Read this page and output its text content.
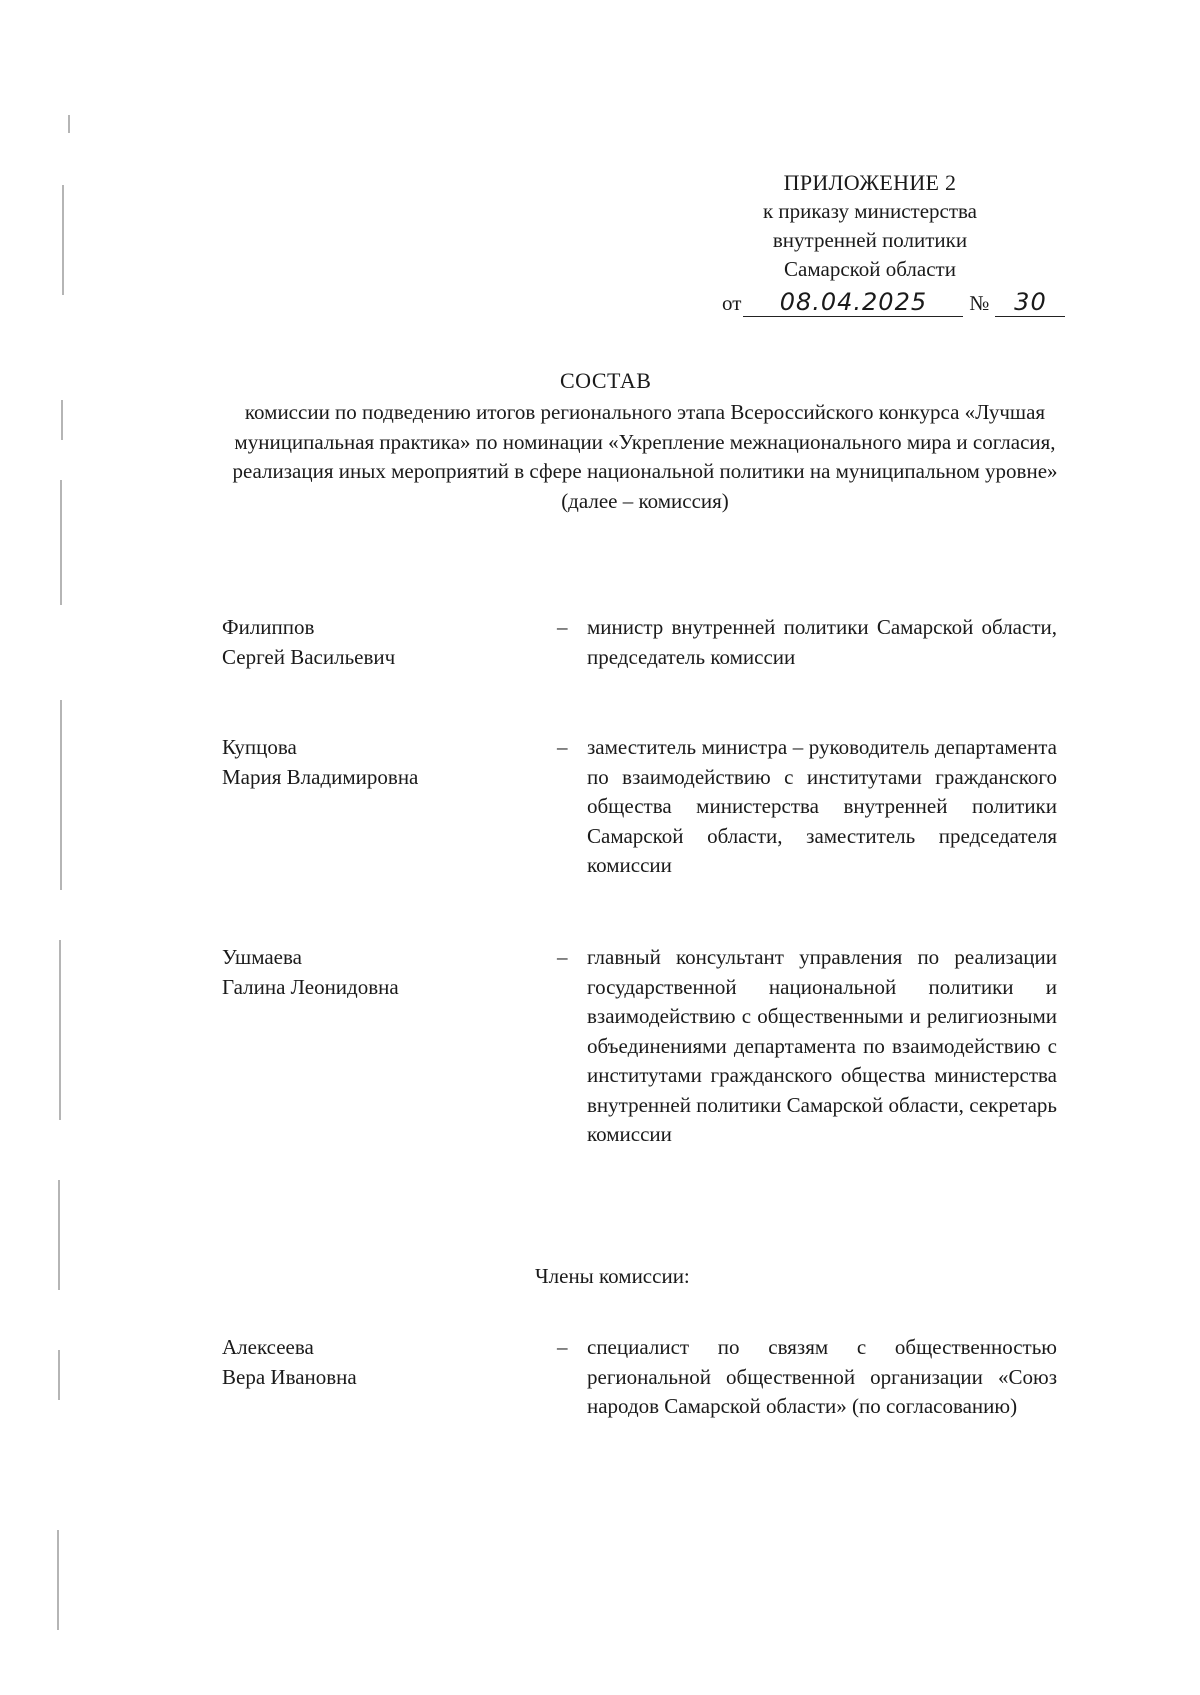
ПРИЛОЖЕНИЕ 2
к приказу министерства
внутренней политики
Самарской области
от 08.04.2025 № 30
СОСТАВ
комиссии по подведению итогов регионального этапа Всероссийского конкурса «Лучшая муниципальная практика» по номинации «Укрепление межнационального мира и согласия, реализация иных мероприятий в сфере национальной политики на муниципальном уровне» (далее – комиссия)
Филиппов
Сергей Васильевич
– министр внутренней политики Самарской области, председатель комиссии
Купцова
Мария Владимировна
– заместитель министра – руководитель департамента по взаимодействию с институтами гражданского общества министерства внутренней политики Самарской области, заместитель председателя комиссии
Ушмаева
Галина Леонидовна
– главный консультант управления по реализации государственной национальной политики и взаимодействию с общественными и религиозными объединениями департамента по взаимодействию с институтами гражданского общества министерства внутренней политики Самарской области, секретарь комиссии
Члены комиссии:
Алексеева
Вера Ивановна
– специалист по связям с общественностью региональной общественной организации «Союз народов Самарской области» (по согласованию)
